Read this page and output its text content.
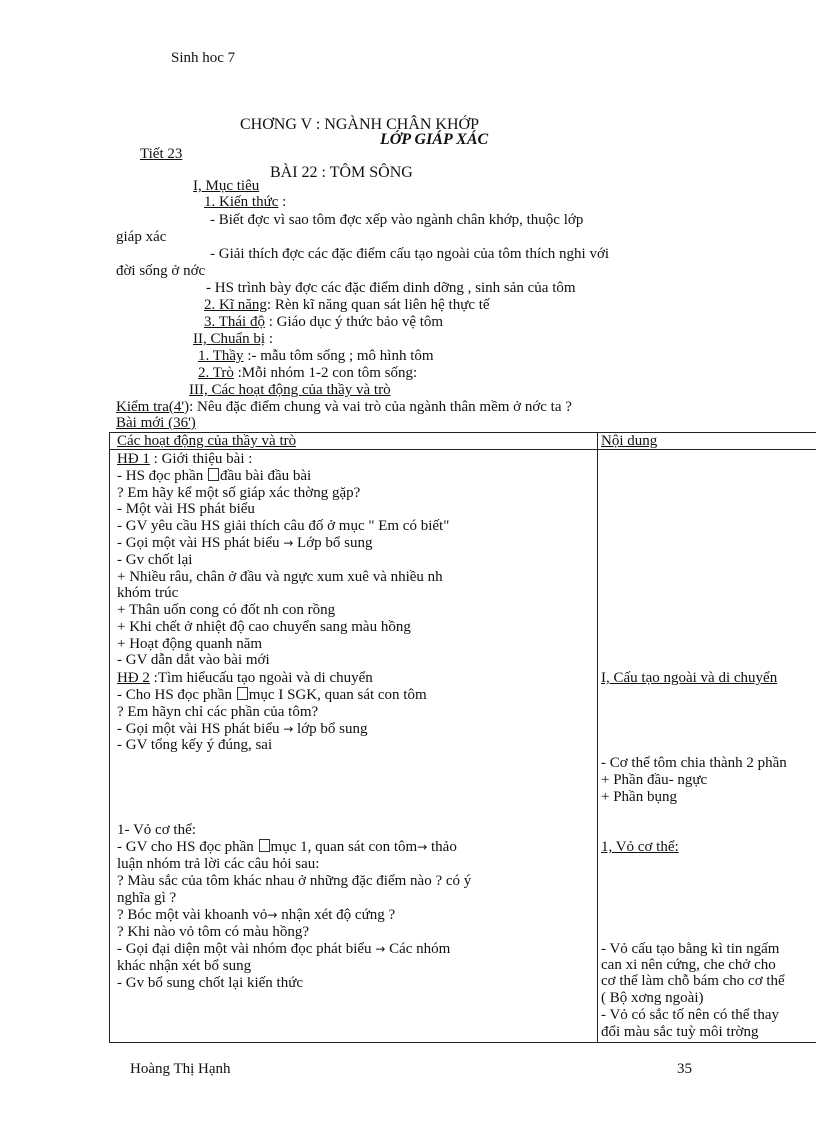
Sinh hoc 7
CHƠNG V : NGÀNH CHÂN KHỚP
LỚP GIÁP XÁC
Tiết 23
BÀI 22 : TÔM SÔNG
I, Mục tiêu
1. Kiến thức :
- Biết đợc vì sao tôm đợc xếp vào ngành chân khớp, thuộc lớp
giáp xác
- Giải thích đợc các đặc điểm cấu tạo ngoài của tôm thích nghi với
đời sống ở nớc
- HS trình bày đợc các đặc điểm dinh dỡng , sinh sản của tôm
2. Kĩ năng: Rèn kĩ năng quan sát liên hệ thực tế
3. Thái độ : Giáo dục ý thức bảo vệ tôm
II, Chuẩn bị :
1. Thầy :- mẫu tôm sống ; mô hình tôm
2. Trò :Mỗi nhóm 1-2 con tôm sống:
III, Các hoạt động của thầy và trò
Kiểm tra(4'): Nêu đặc điểm chung và vai trò của ngành thân mềm ở nớc ta ?
Bài mới (36')
Các hoạt động của thầy và trò	Nội dung
HĐ 1 : Giới thiệu bài :
- HS đọc phần đầu bài đầu bài
? Em hãy kể một số giáp xác thờng gặp?
- Một vài HS phát biểu
- GV yêu cầu HS giải thích câu đố ở mục " Em có biết"
- Gọi một vài HS phát biểu → Lớp bổ sung
- Gv chốt lại
+ Nhiều râu, chân ở đầu và ngực xum xuê và nhiều nh
khóm trúc
+ Thân uốn cong có đốt nh con rồng
+ Khi chết ở nhiệt độ cao chuyển sang màu hồng
+ Hoạt động quanh năm
- GV dẫn dắt vào bài mới
HĐ 2 :Tìm hiểucấu tạo ngoài và di chuyển
- Cho HS đọc phần mục I SGK, quan sát con tôm
? Em hãyn chỉ các phần của tôm?
- Gọi một vài HS phát biểu → lớp bổ sung
- GV tổng kếy ý đúng, sai
1- Vỏ cơ thể:
- GV cho HS đọc phần mục 1, quan sát con tôm→ thảo
luận nhóm trả lời các câu hỏi sau:
? Màu sắc của tôm khác nhau ở những đặc điểm nào ? có ý
nghĩa gì ?
? Bóc một vài khoanh vỏ→ nhận xét độ cứng ?
? Khi nào vỏ tôm có màu hồng?
- Gọi đại diện một vài nhóm đọc phát biểu → Các nhóm
khác nhận xét bổ sung
- Gv bổ sung chốt lại kiến thức
I, Cấu tạo ngoài và di chuyển
- Cơ thể tôm chia thành 2 phần
+ Phần đầu- ngực
+ Phần bụng
1, Vỏ cơ thể:
- Vỏ cấu tạo bằng kì tin ngấm
can xi nên cứng, che chở cho
cơ thể làm chỗ bám cho cơ thể
( Bộ xơng ngoài)
- Vỏ có sắc tố nên có thể thay
đổi màu sắc tuỳ môi trờng
Hoàng Thị Hạnh	35
